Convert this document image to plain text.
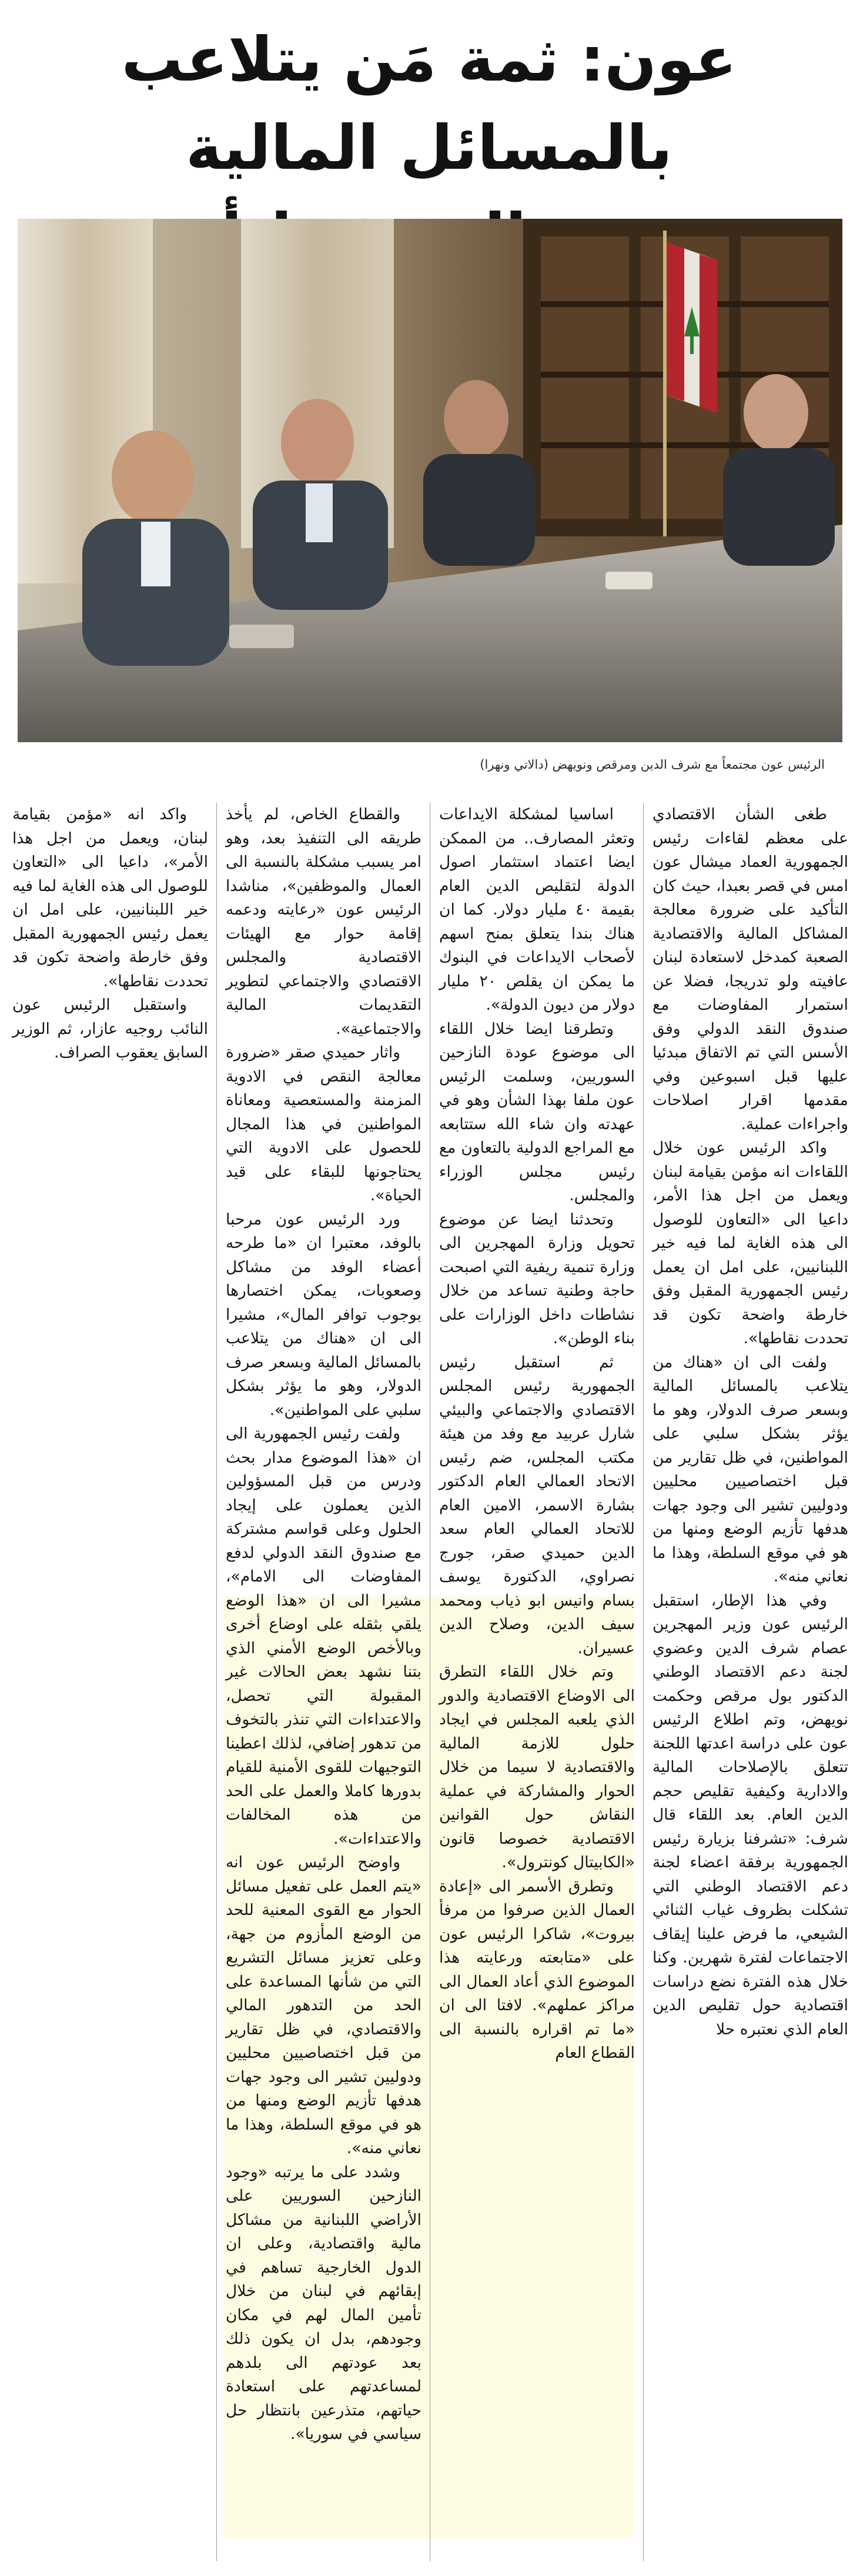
عون: ثمة مَن يتلاعب بالمسائل المالية
الرئيس عون مجتمعاً مع شرف الدين ومرقص ونويهض (دالاتي ونهرا)

طغى الشأن الاقتصادي على معظم لقاءات رئيس الجمهورية العماد ميشال عون امس في قصر بعبدا، حيث كان التأكيد على ضرورة معالجة المشاكل المالية والاقتصادية الصعبة كمدخل لاستعادة لبنان عافيته ولو تدريجا، فضلا عن استمرار المفاوضات مع صندوق النقد الدولي وفق الأسس التي تم الاتفاق مبدئيا عليها قبل اسبوعين وفي مقدمها اقرار اصلاحات واجراءات عملية.

واكد الرئيس عون خلال اللقاءات انه مؤمن بقيامة لبنان ويعمل من اجل هذا الأمر، داعيا الى «التعاون للوصول الى هذه الغاية لما فيه خير اللبنانيين، على امل ان يعمل رئيس الجمهورية المقبل وفق خارطة واضحة تكون قد تحددت نقاطها».

ولفت الى ان «هناك من يتلاعب بالمسائل المالية وبسعر صرف الدولار، وهو ما يؤثر بشكل سلبي على المواطنين، في ظل تقارير من قبل اختصاصيين محليين ودوليين تشير الى وجود جهات هدفها تأزيم الوضع ومنها من هو في موقع السلطة، وهذا ما نعاني منه».

وفي هذا الإطار، استقبل الرئيس عون وزير المهجرين عصام شرف الدين وعضوي لجنة دعم الاقتصاد الوطني الدكتور بول مرقص وحكمت نويهض، وتم اطلاع الرئيس عون على دراسة اعدتها اللجنة تتعلق بالإصلاحات المالية والادارية وكيفية تقليص حجم الدين العام. بعد اللقاء قال شرف: «تشرفنا بزيارة رئيس الجمهورية برفقة اعضاء لجنة دعم الاقتصاد الوطني التي تشكلت بظروف غياب الثنائي الشيعي، ما فرض علينا إيقاف الاجتماعات لفترة شهرين. وكنا خلال هذه الفترة نضع دراسات اقتصادية حول تقليص الدين العام الذي نعتبره حلا

اساسيا لمشكلة الايداعات وتعثر المصارف.. من الممكن ايضا اعتماد استثمار اصول الدولة لتقليص الدين العام بقيمة ٤٠ مليار دولار. كما ان هناك بندا يتعلق بمنح اسهم لأصحاب الايداعات في البنوك ما يمكن ان يقلص ٢٠ مليار دولار من ديون الدولة».

وتطرقنا ايضا خلال اللقاء الى موضوع عودة النازحين السوريين، وسلمت الرئيس عون ملفا بهذا الشأن وهو في عهدته وان شاء الله ستتابعه مع المراجع الدولية بالتعاون مع رئيس مجلس الوزراء والمجلس.

وتحدثنا ايضا عن موضوع تحويل وزارة المهجرين الى وزارة تنمية ريفية التي اصبحت حاجة وطنية تساعد من خلال نشاطات داخل الوزارات على بناء الوطن».

ثم استقبل رئيس الجمهورية رئيس المجلس الاقتصادي والاجتماعي والبيئي شارل عربيد مع وفد من هيئة مكتب المجلس، ضم رئيس الاتحاد العمالي العام الدكتور بشارة الاسمر، الامين العام للاتحاد العمالي العام سعد الدين حميدي صقر، جورج نصراوي، الدكتورة يوسف بسام وانيس ابو ذياب ومحمد سيف الدين، وصلاح الدين عسيران.

وتم خلال اللقاء التطرق الى الاوضاع الاقتصادية والدور الذي يلعبه المجلس في ايجاد حلول للازمة المالية والاقتصادية لا سيما من خلال الحوار والمشاركة في عملية النقاش حول القوانين الاقتصادية خصوصا قانون «الكابيتال كونترول».

وتطرق الأسمر الى «إعادة العمال الذين صرفوا من مرفأ بيروت»، شاكرا الرئيس عون على «متابعته ورعايته هذا الموضوع الذي أعاد العمال الى مراكز عملهم». لافتا الى ان «ما تم اقراره بالنسبة الى القطاع العام

والقطاع الخاص، لم يأخذ طريقه الى التنفيذ بعد، وهو امر يسبب مشكلة بالنسبة الى العمال والموظفين»، مناشدا الرئيس عون «رعايته ودعمه إقامة حوار مع الهيئات الاقتصادية والمجلس الاقتصادي والاجتماعي لتطوير التقديمات المالية والاجتماعية».

واثار حميدي صقر «ضرورة معالجة النقص في الادوية المزمنة والمستعصية ومعاناة المواطنين في هذا المجال للحصول على الادوية التي يحتاجونها للبقاء على قيد الحياة».

ورد الرئيس عون مرحبا بالوفد، معتبرا ان «ما طرحه أعضاء الوفد من مشاكل وصعوبات، يمكن اختصارها بوجوب توافر المال»، مشيرا الى ان «هناك من يتلاعب بالمسائل المالية وبسعر صرف الدولار، وهو ما يؤثر بشكل سلبي على المواطنين».

ولفت رئيس الجمهورية الى ان «هذا الموضوع مدار بحث ودرس من قبل المسؤولين الذين يعملون على إيجاد الحلول وعلى قواسم مشتركة مع صندوق النقد الدولي لدفع المفاوضات الى الامام»، مشيرا الى ان «هذا الوضع يلقي بثقله على اوضاع أخرى وبالأخص الوضع الأمني الذي بتنا نشهد بعض الحالات غير المقبولة التي تحصل، والاعتداءات التي تنذر بالتخوف من تدهور إضافي، لذلك اعطينا التوجيهات للقوى الأمنية للقيام بدورها كاملا والعمل على الحد من هذه المخالفات والاعتداءات».

واوضح الرئيس عون انه «يتم العمل على تفعيل مسائل الحوار مع القوى المعنية للحد من الوضع المأزوم من جهة، وعلى تعزيز مسائل التشريع التي من شأنها المساعدة على الحد من التدهور المالي والاقتصادي، في ظل تقارير من قبل اختصاصيين محليين ودوليين تشير الى وجود جهات هدفها تأزيم الوضع ومنها من هو في موقع السلطة، وهذا ما نعاني منه».

وشدد على ما يرتبه «وجود النازحين السوريين على الأراضي اللبنانية من مشاكل مالية واقتصادية، وعلى ان الدول الخارجية تساهم في إبقائهم في لبنان من خلال تأمين المال لهم في مكان وجودهم، بدل ان يكون ذلك بعد عودتهم الى بلدهم لمساعدتهم على استعادة حياتهم، متذرعين بانتظار حل سياسي في سوريا».

واكد انه «مؤمن بقيامة لبنان، ويعمل من اجل هذا الأمر»، داعيا الى «التعاون للوصول الى هذه الغاية لما فيه خير اللبنانيين، على امل ان يعمل رئيس الجمهورية المقبل وفق خارطة واضحة تكون قد تحددت نقاطها».

واستقبل الرئيس عون النائب روجيه عازار، ثم الوزير السابق يعقوب الصراف.
